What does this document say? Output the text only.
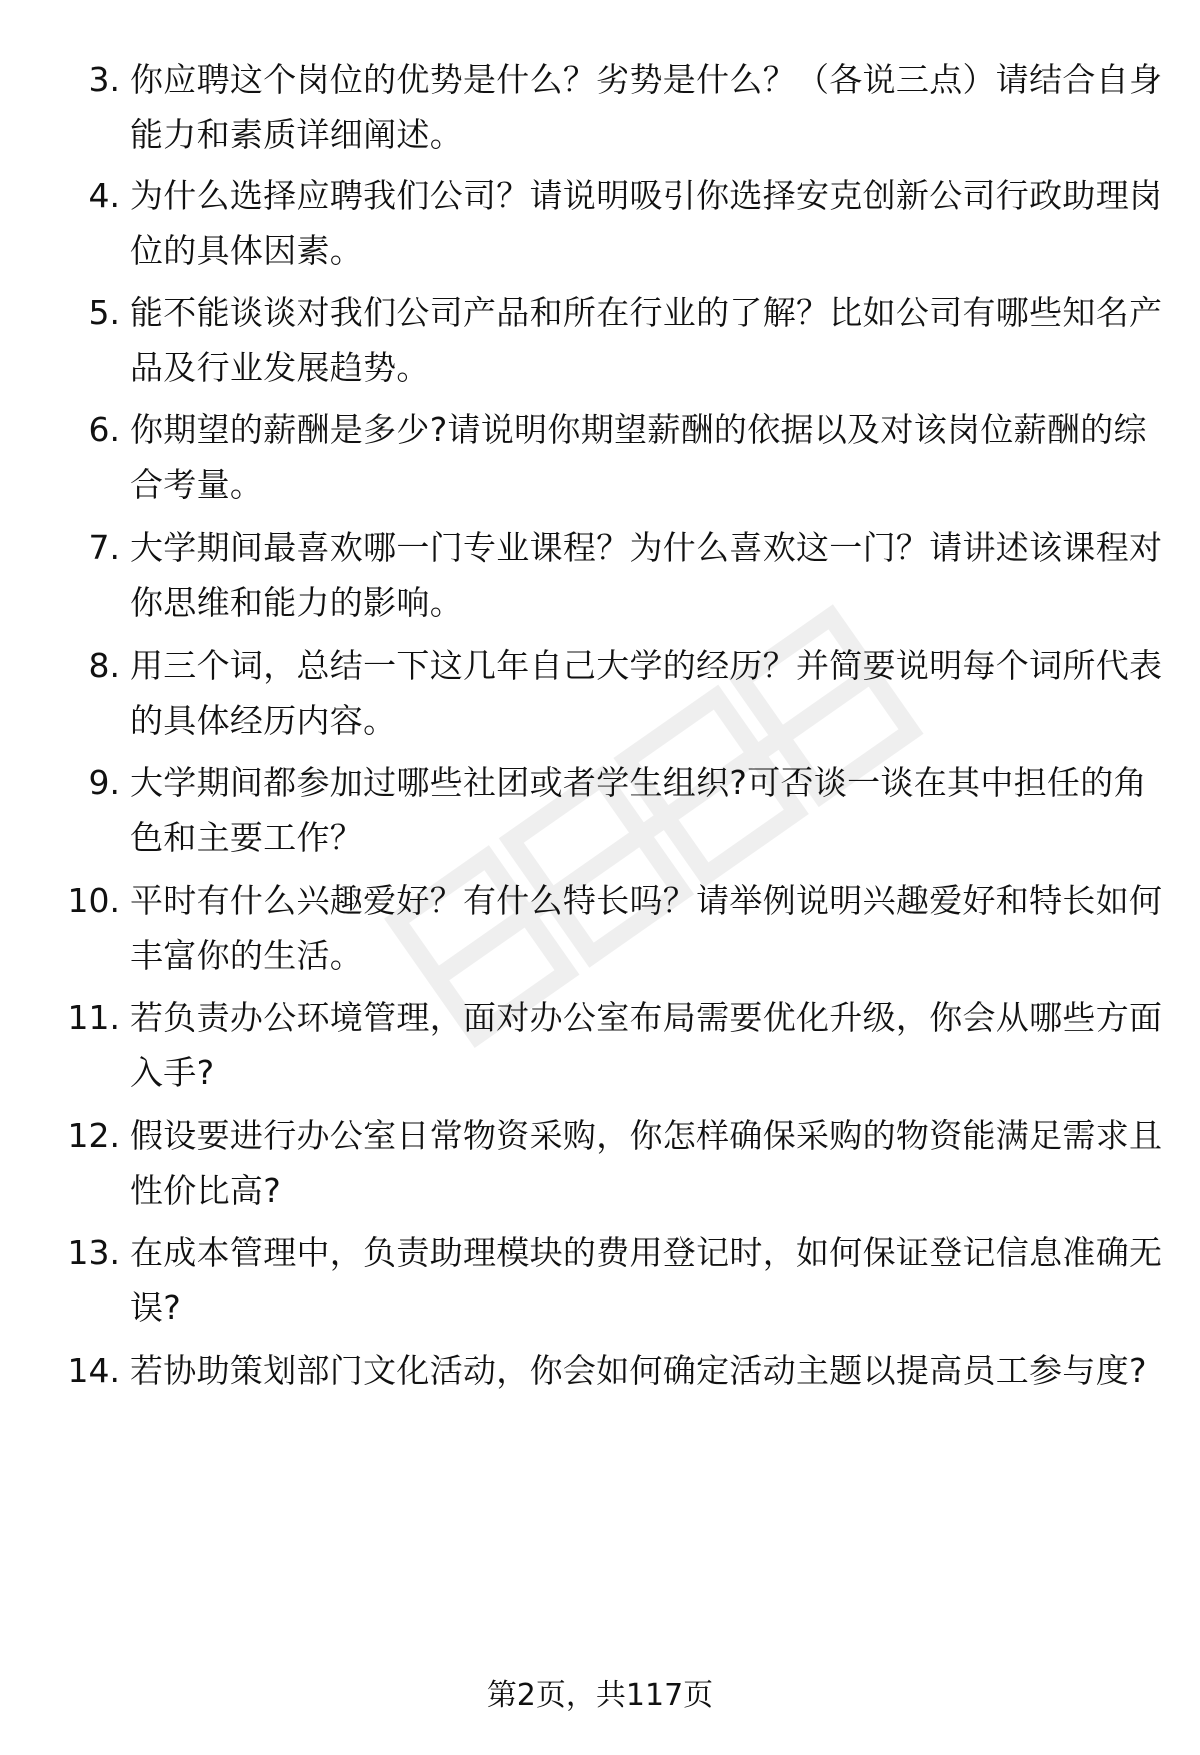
3. 你应聘这个岗位的优势是什么？劣势是什么？（各说三点）请结合自身能力和素质详细阐述。
4. 为什么选择应聘我们公司？请说明吸引你选择安克创新公司行政助理岗位的具体因素。
5. 能不能谈谈对我们公司产品和所在行业的了解？比如公司有哪些知名产品及行业发展趋势。
6. 你期望的薪酬是多少?请说明你期望薪酬的依据以及对该岗位薪酬的综合考量。
7. 大学期间最喜欢哪一门专业课程？为什么喜欢这一门？请讲述该课程对你思维和能力的影响。
8. 用三个词，总结一下这几年自己大学的经历？并简要说明每个词所代表的具体经历内容。
9. 大学期间都参加过哪些社团或者学生组织?可否谈一谈在其中担任的角色和主要工作？
10. 平时有什么兴趣爱好？有什么特长吗？请举例说明兴趣爱好和特长如何丰富你的生活。
11. 若负责办公环境管理，面对办公室布局需要优化升级，你会从哪些方面入手?
12. 假设要进行办公室日常物资采购，你怎样确保采购的物资能满足需求且性价比高?
13. 在成本管理中，负责助理模块的费用登记时，如何保证登记信息准确无误?
14. 若协助策划部门文化活动，你会如何确定活动主题以提高员工参与度?
第2页，共117页
